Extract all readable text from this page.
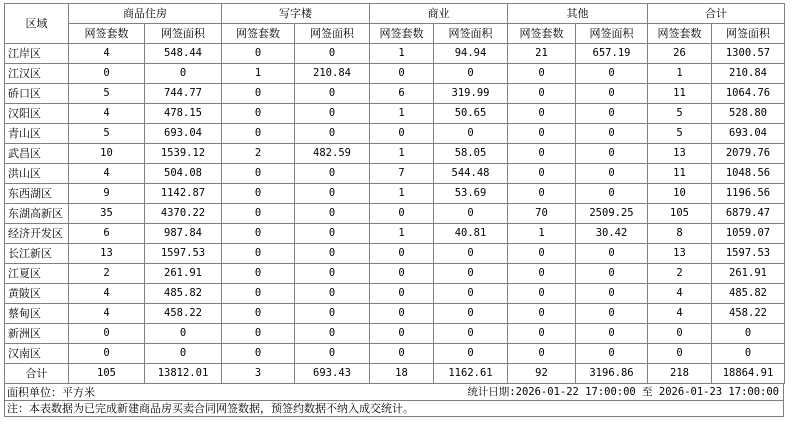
区域	商品住房		写字楼		商业		其他		合计	
	网签套数	网签面积	网签套数	网签面积	网签套数	网签面积	网签套数	网签面积	网签套数	网签面积
江岸区	4	548.44	0	0	1	94.94	21	657.19	26	1300.57
江汉区	0	0	1	210.84	0	0	0	0	1	210.84
硚口区	5	744.77	0	0	6	319.99	0	0	11	1064.76
汉阳区	4	478.15	0	0	1	50.65	0	0	5	528.80
青山区	5	693.04	0	0	0	0	0	0	5	693.04
武昌区	10	1539.12	2	482.59	1	58.05	0	0	13	2079.76
洪山区	4	504.08	0	0	7	544.48	0	0	11	1048.56
东西湖区	9	1142.87	0	0	1	53.69	0	0	10	1196.56
东湖高新区	35	4370.22	0	0	0	0	70	2509.25	105	6879.47
经济开发区	6	987.84	0	0	1	40.81	1	30.42	8	1059.07
长江新区	13	1597.53	0	0	0	0	0	0	13	1597.53
江夏区	2	261.91	0	0	0	0	0	0	2	261.91
黄陂区	4	485.82	0	0	0	0	0	0	4	485.82
蔡甸区	4	458.22	0	0	0	0	0	0	4	458.22
新洲区	0	0	0	0	0	0	0	0	0	0
汉南区	0	0	0	0	0	0	0	0	0	0
合计	105	13812.01	3	693.43	18	1162.61	92	3196.86	218	18864.91
面积单位：平方米	统计日期:2026-01-22 17:00:00 至 2026-01-23 17:00:00
注：本表数据为已完成新建商品房买卖合同网签数据，预签约数据不纳入成交统计。
